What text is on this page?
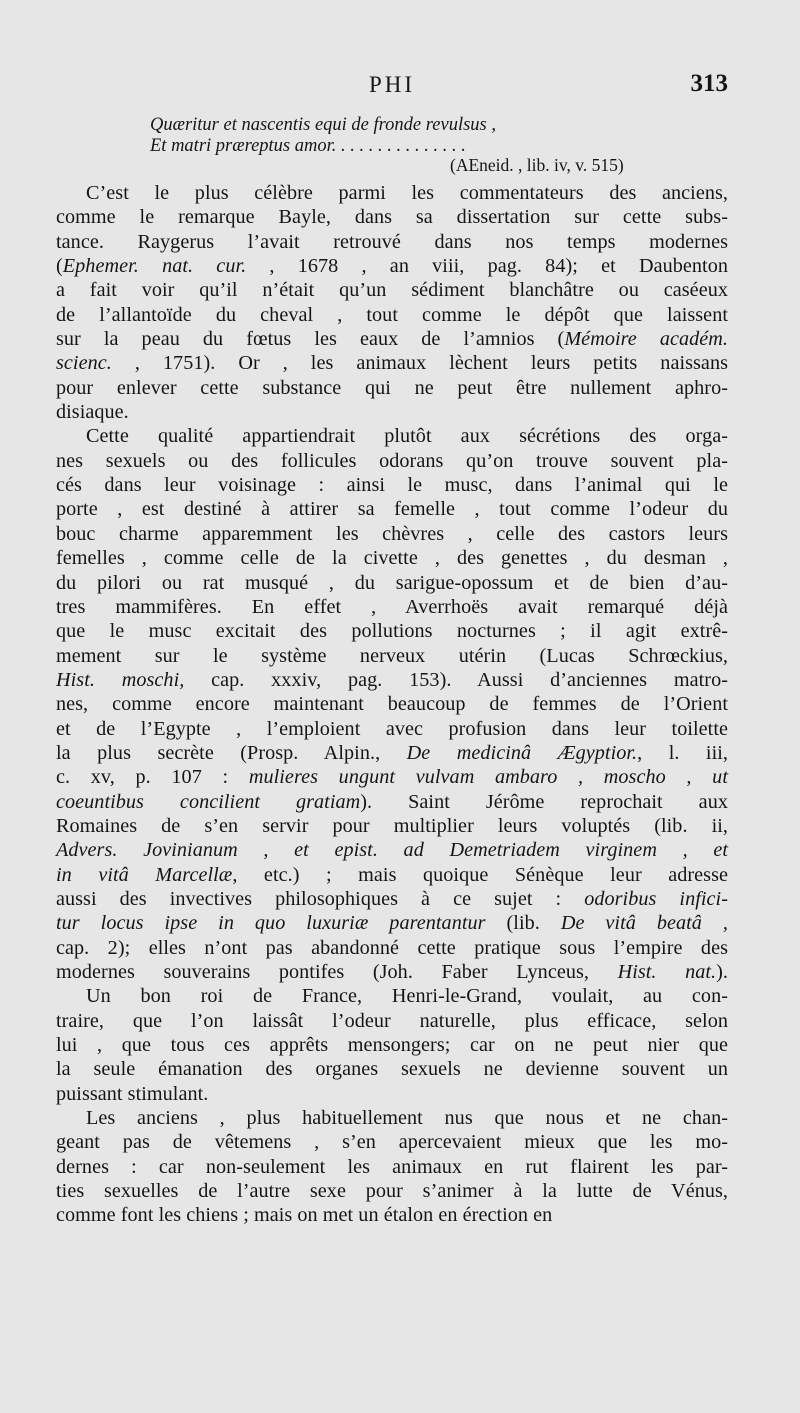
PHI	313
Quæritur et nascentis equi de fronde revulsus ,
Et matri præreptus amor. . . . . . . . . . . . . . .
(AEneid. , lib. iv, v. 515)
C’est le plus célèbre parmi les commentateurs des anciens,
comme le remarque Bayle, dans sa dissertation sur cette subs-
tance. Raygerus l’avait retrouvé dans nos temps modernes
(Ephemer. nat. cur. , 1678 , an viii, pag. 84); et Daubenton
a fait voir qu’il n’était qu’un sédiment blanchâtre ou caséeux
de l’allantoïde du cheval , tout comme le dépôt que laissent
sur la peau du fœtus les eaux de l’amnios (Mémoire académ.
scienc. , 1751). Or , les animaux lèchent leurs petits naissans
pour enlever cette substance qui ne peut être nullement aphro-
disiaque.
Cette qualité appartiendrait plutôt aux sécrétions des orga-
nes sexuels ou des follicules odorans qu’on trouve souvent pla-
cés dans leur voisinage : ainsi le musc, dans l’animal qui le
porte , est destiné à attirer sa femelle , tout comme l’odeur du
bouc charme apparemment les chèvres , celle des castors leurs
femelles , comme celle de la civette , des genettes , du desman ,
du pilori ou rat musqué , du sarigue-opossum et de bien d’au-
tres mammifères. En effet , Averrhoës avait remarqué déjà
que le musc excitait des pollutions nocturnes ; il agit extrê-
mement sur le système nerveux utérin (Lucas Schrœckius,
Hist. moschi, cap. xxxiv, pag. 153). Aussi d’anciennes matro-
nes, comme encore maintenant beaucoup de femmes de l’Orient
et de l’Egypte , l’emploient avec profusion dans leur toilette
la plus secrète (Prosp. Alpin., De medicinâ Ægyptior., l. iii,
c. xv, p. 107 : mulieres ungunt vulvam ambaro , moscho , ut
coeuntibus concilient gratiam). Saint Jérôme reprochait aux
Romaines de s’en servir pour multiplier leurs voluptés (lib. ii,
Advers. Jovinianum , et epist. ad Demetriadem virginem , et
in vitâ Marcellæ, etc.) ; mais quoique Sénèque leur adresse
aussi des invectives philosophiques à ce sujet : odoribus infici-
tur locus ipse in quo luxuriæ parentantur (lib. De vitâ beatâ ,
cap. 2); elles n’ont pas abandonné cette pratique sous l’empire des
modernes souverains pontifes (Joh. Faber Lynceus, Hist. nat.).
Un bon roi de France, Henri-le-Grand, voulait, au con-
traire, que l’on laissât l’odeur naturelle, plus efficace, selon
lui , que tous ces apprêts mensongers; car on ne peut nier que
la seule émanation des organes sexuels ne devienne souvent un
puissant stimulant.
Les anciens , plus habituellement nus que nous et ne chan-
geant pas de vêtemens , s’en apercevaient mieux que les mo-
dernes : car non-seulement les animaux en rut flairent les par-
ties sexuelles de l’autre sexe pour s’animer à la lutte de Vénus,
comme font les chiens ; mais on met un étalon en érection en
